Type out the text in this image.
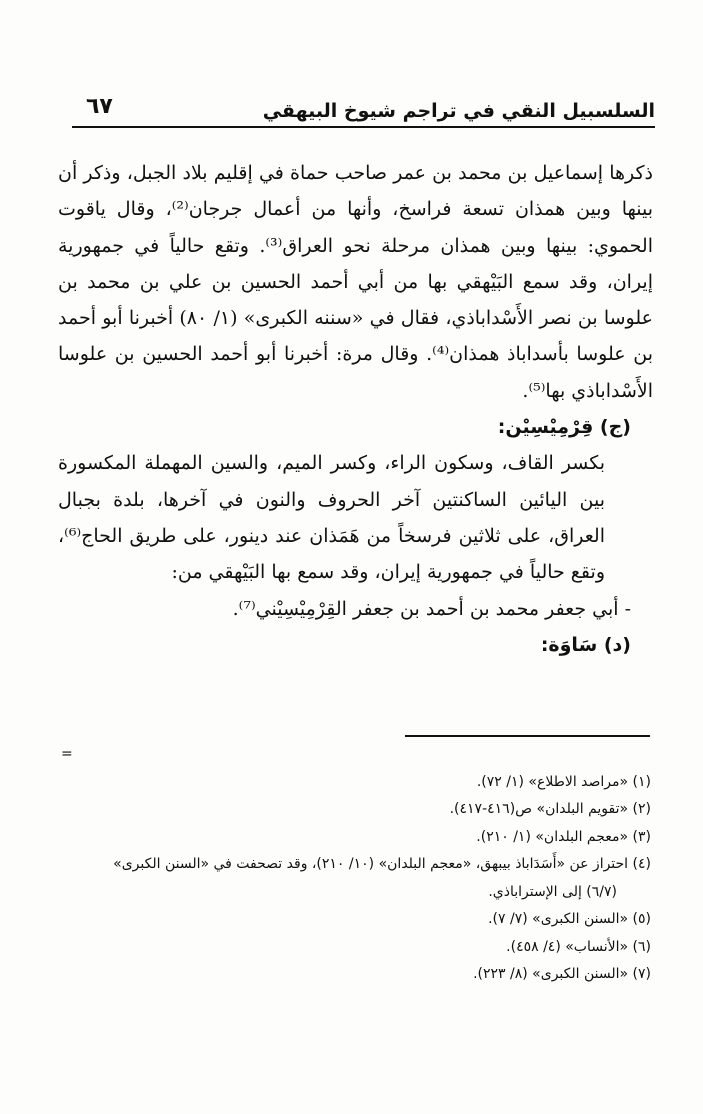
السلسبيل النقي في تراجم شيوخ البيهقي
٦٧

ذكرها إسماعيل بن محمد بن عمر صاحب حماة في إقليم بلاد الجبل، وذكر أن بينها وبين همذان تسعة فراسخ، وأنها من أعمال جرجان⁽²⁾، وقال ياقوت الحموي: بينها وبين همذان مرحلة نحو العراق⁽³⁾. وتقع حالياً في جمهورية إيران، وقد سمع البَيْهقي بها من أبي أحمد الحسين بن علي بن محمد بن علوسا بن نصر الأَسْداباذي، فقال في «سننه الكبرى» (١/ ٨٠) أخبرنا أبو أحمد بن علوسا بأسداباذ همذان⁽⁴⁾. وقال مرة: أخبرنا أبو أحمد الحسين بن علوسا الأَسْداباذي بها⁽⁵⁾.

(ج) قِرْمِيْسِيْن:

بكسر القاف، وسكون الراء، وكسر الميم، والسين المهملة المكسورة بين اليائين الساكنتين آخر الحروف والنون في آخرها، بلدة بجبال العراق، على ثلاثين فرسخاً من هَمَذان عند دينور، على طريق الحاج⁽⁶⁾، وتقع حالياً في جمهورية إيران، وقد سمع بها البَيْهقي من:

- أبي جعفر محمد بن أحمد بن جعفر القِرْمِيْسِيْني⁽⁷⁾.

(د) سَاوَة:

=

(١) «مراصد الاطلاع» (١/ ٧٢).

(٢) «تقويم البلدان» ص(٤١٦-٤١٧).

(٣) «معجم البلدان» (١/ ٢١٠).

(٤) احتراز عن «أَسَدَاباذ بيبهق، «معجم البلدان» (١٠/ ٢١٠)، وقد تصحفت في «السنن الكبرى»

(٦/٧) إلى الإستراباذي.

(٥) «السنن الكبرى» (٧/ ٧).

(٦) «الأنساب» (٤/ ٤٥٨).

(٧) «السنن الكبرى» (٨/ ٢٢٣).
